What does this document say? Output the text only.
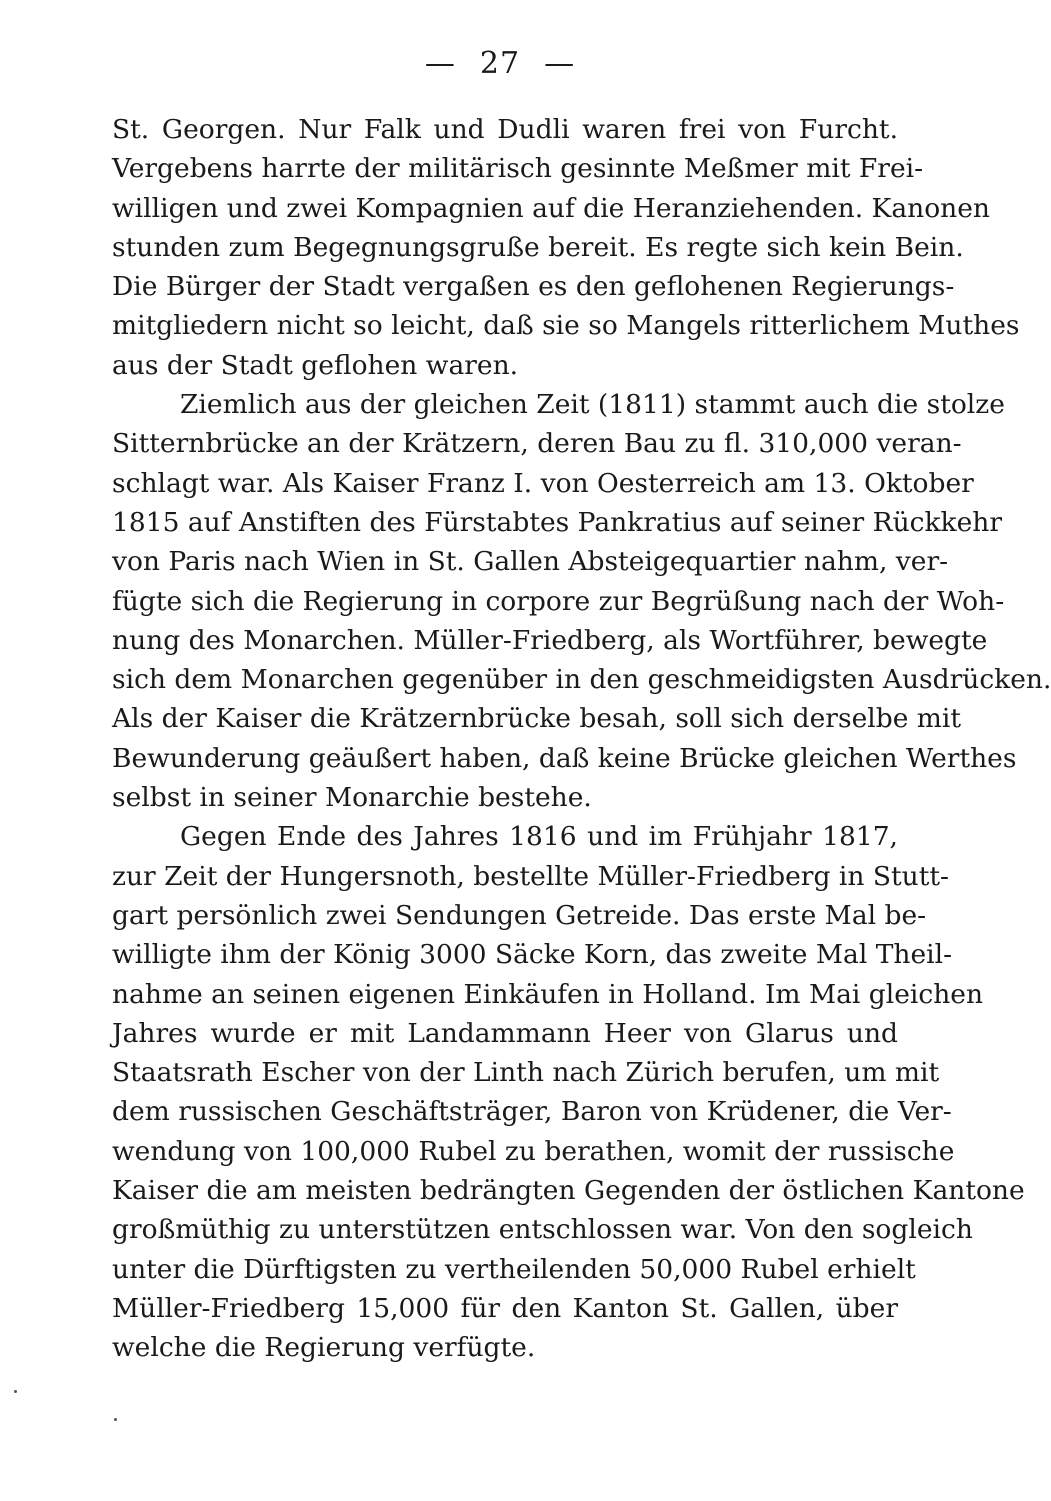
— 27 —
St. Georgen. Nur Falk und Dudli waren frei von Furcht.
Vergebens harrte der militärisch gesinnte Meßmer mit Frei-
willigen und zwei Kompagnien auf die Heranziehenden. Kanonen
stunden zum Begegnungsgruße bereit. Es regte sich kein Bein.
Die Bürger der Stadt vergaßen es den geflohenen Regierungs-
mitgliedern nicht so leicht, daß sie so Mangels ritterlichem Muthes
aus der Stadt geflohen waren.
Ziemlich aus der gleichen Zeit (1811) stammt auch die stolze
Sitternbrücke an der Krätzern, deren Bau zu fl. 310,000 veran-
schlagt war. Als Kaiser Franz I. von Oesterreich am 13. Oktober
1815 auf Anstiften des Fürstabtes Pankratius auf seiner Rückkehr
von Paris nach Wien in St. Gallen Absteigequartier nahm, ver-
fügte sich die Regierung in corpore zur Begrüßung nach der Woh-
nung des Monarchen. Müller-Friedberg, als Wortführer, bewegte
sich dem Monarchen gegenüber in den geschmeidigsten Ausdrücken.
Als der Kaiser die Krätzernbrücke besah, soll sich derselbe mit
Bewunderung geäußert haben, daß keine Brücke gleichen Werthes
selbst in seiner Monarchie bestehe.
Gegen Ende des Jahres 1816 und im Frühjahr 1817,
zur Zeit der Hungersnoth, bestellte Müller-Friedberg in Stutt-
gart persönlich zwei Sendungen Getreide. Das erste Mal be-
willigte ihm der König 3000 Säcke Korn, das zweite Mal Theil-
nahme an seinen eigenen Einkäufen in Holland. Im Mai gleichen
Jahres wurde er mit Landammann Heer von Glarus und
Staatsrath Escher von der Linth nach Zürich berufen, um mit
dem russischen Geschäftsträger, Baron von Krüdener, die Ver-
wendung von 100,000 Rubel zu berathen, womit der russische
Kaiser die am meisten bedrängten Gegenden der östlichen Kantone
großmüthig zu unterstützen entschlossen war. Von den sogleich
unter die Dürftigsten zu vertheilenden 50,000 Rubel erhielt
Müller-Friedberg 15,000 für den Kanton St. Gallen, über
welche die Regierung verfügte.
